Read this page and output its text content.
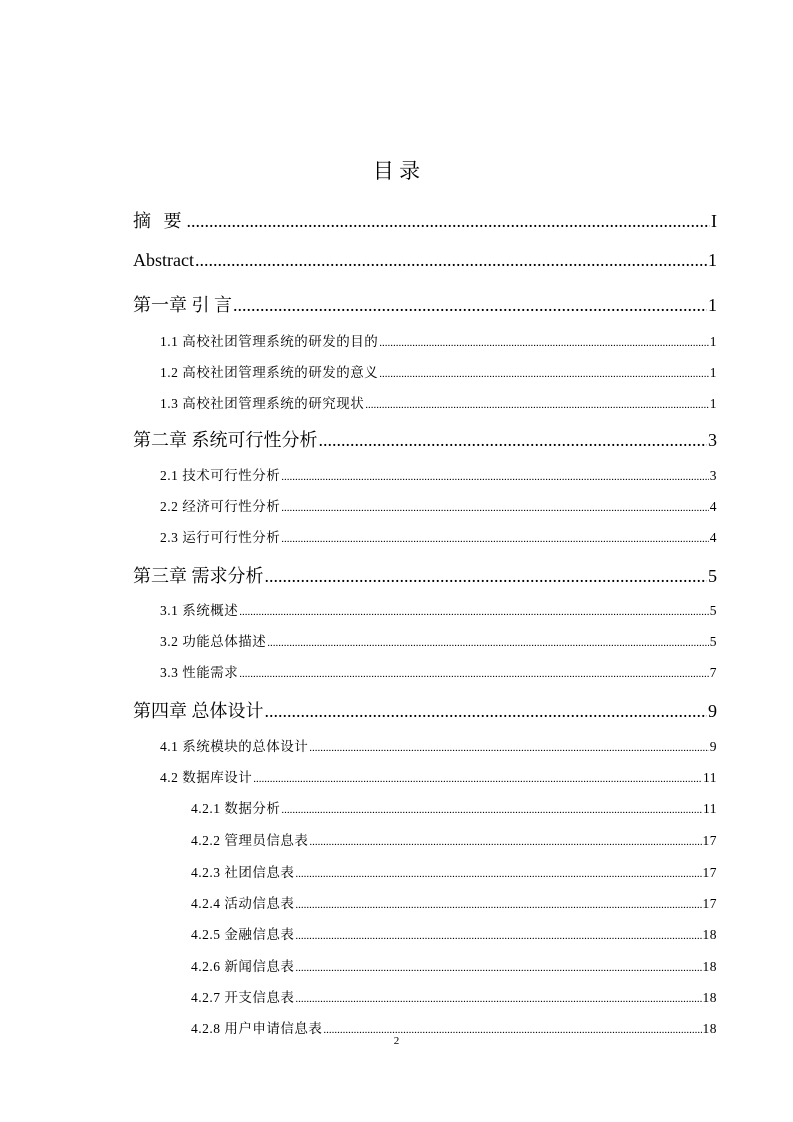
目 录
摘 要 .....	I
Abstract .....	1
第一章 引 言 .....	1
1.1 高校社团管理系统的研发的目的 .....	1
1.2 高校社团管理系统的研发的意义 .....	1
1.3 高校社团管理系统的研究现状 .....	1
第二章 系统可行性分析 .....	3
2.1 技术可行性分析 .....	3
2.2 经济可行性分析 .....	4
2.3 运行可行性分析 .....	4
第三章 需求分析 .....	5
3.1 系统概述 .....	5
3.2 功能总体描述 .....	5
3.3 性能需求 .....	7
第四章 总体设计 .....	9
4.1 系统模块的总体设计 .....	9
4.2 数据库设计 .....	11
4.2.1 数据分析 .....	11
4.2.2 管理员信息表 .....	17
4.2.3 社团信息表 .....	17
4.2.4 活动信息表 .....	17
4.2.5 金融信息表 .....	18
4.2.6 新闻信息表 .....	18
4.2.7 开支信息表 .....	18
4.2.8 用户申请信息表 .....	18
2
